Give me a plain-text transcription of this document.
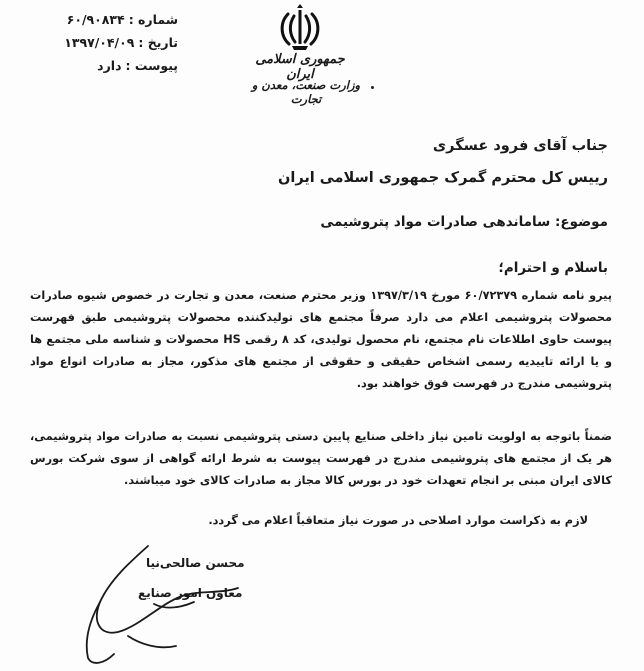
شماره :
۶۰/۹۰۸۳۴
تاریخ :
۱۳۹۷/۰۴/۰۹
پیوست :
دارد	جمهوری اسلامی ایران
وزارت صنعت، معدن و تجارت
جناب آقای فرود عسگری
رییس کل محترم گمرک جمهوری اسلامی ایران
موضوع: ساماندهی صادرات مواد پتروشیمی
باسلام و احترام؛
پیرو نامه شماره ۶۰/۷۲۳۷۹ مورخ ۱۳۹۷/۳/۱۹ وزیر محترم صنعت، معدن و تجارت در خصوص شیوه صادرات محصولات پتروشیمی اعلام می دارد صرفاً مجتمع های تولیدکننده محصولات پتروشیمی طبق فهرست پیوست حاوی اطلاعات نام مجتمع، نام محصول تولیدی، کد ۸ رقمی HS محصولات و شناسه ملی مجتمع ها و یا ارائه تاییدیه رسمی اشخاص حقیقی و حقوقی از مجتمع های مذکور، مجاز به صادرات انواع مواد پتروشیمی مندرج در فهرست فوق خواهند بود.
ضمناً باتوجه به اولویت تامین نیاز داخلی صنایع پایین دستی پتروشیمی نسبت به صادرات مواد پتروشیمی، هر یک از مجتمع های پتروشیمی مندرج در فهرست پیوست به شرط ارائه گواهی از سوی شرکت بورس کالای ایران مبنی بر انجام تعهدات خود در بورس کالا مجاز به صادرات کالای خود میباشند.
لازم به ذکراست موارد اصلاحی در صورت نیاز متعاقباً اعلام می گردد.
محسن صالحی‌نیا
معاون امور صنایع
